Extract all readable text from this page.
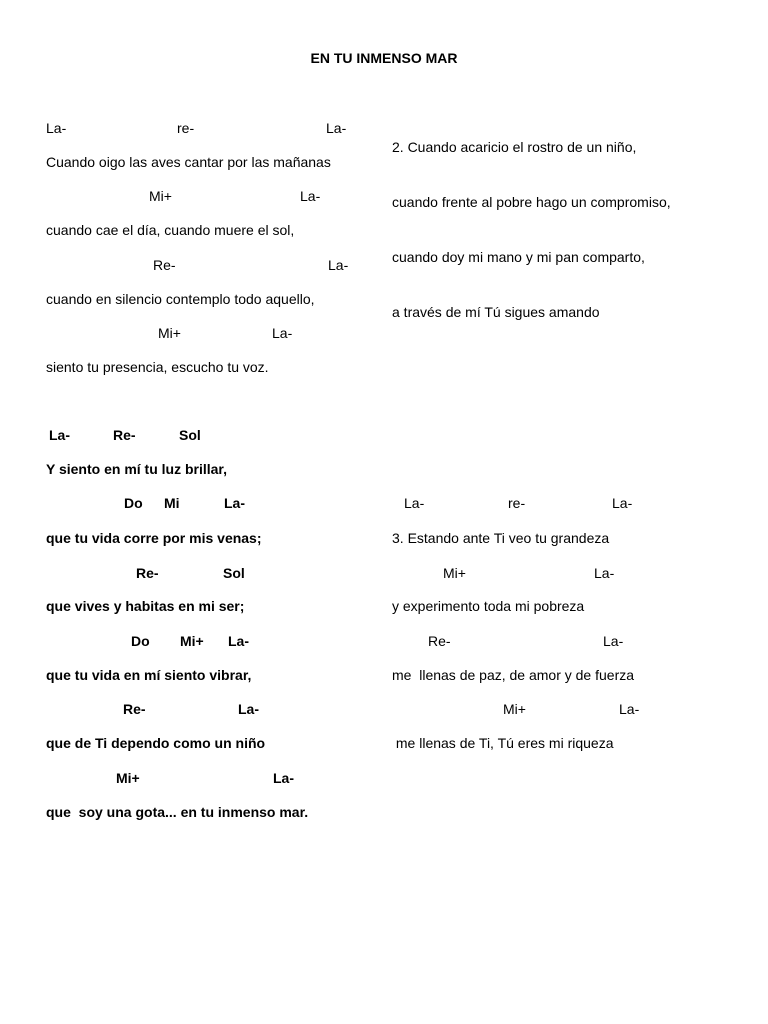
EN TU INMENSO MAR
La-	re-	La-
Cuando oigo las aves cantar por las mañanas
Mi+	La-
cuando cae el día, cuando muere el sol,
Re-	La-
cuando en silencio contemplo todo aquello,
Mi+	La-
siento tu presencia, escucho tu voz.
La-	Re-	Sol
Y siento en mí tu luz brillar,
Do Mi	La-
que tu vida corre por mis venas;
Re-	Sol
que vives y habitas en mi ser;
Do Mi+ La-
que tu vida en mí siento vibrar,
Re-	La-
que de Ti dependo como un niño
Mi+	La-
que  soy una gota... en tu inmenso mar.
2. Cuando acaricio el rostro de un niño,
cuando frente al pobre hago un compromiso,
cuando doy mi mano y mi pan comparto,
a través de mí Tú sigues amando
La-	re-	La-
3. Estando ante Ti veo tu grandeza
Mi+	La-
y experimento toda mi pobreza
Re-	La-
me  llenas de paz, de amor y de fuerza
Mi+	La-
me llenas de Ti, Tú eres mi riqueza
